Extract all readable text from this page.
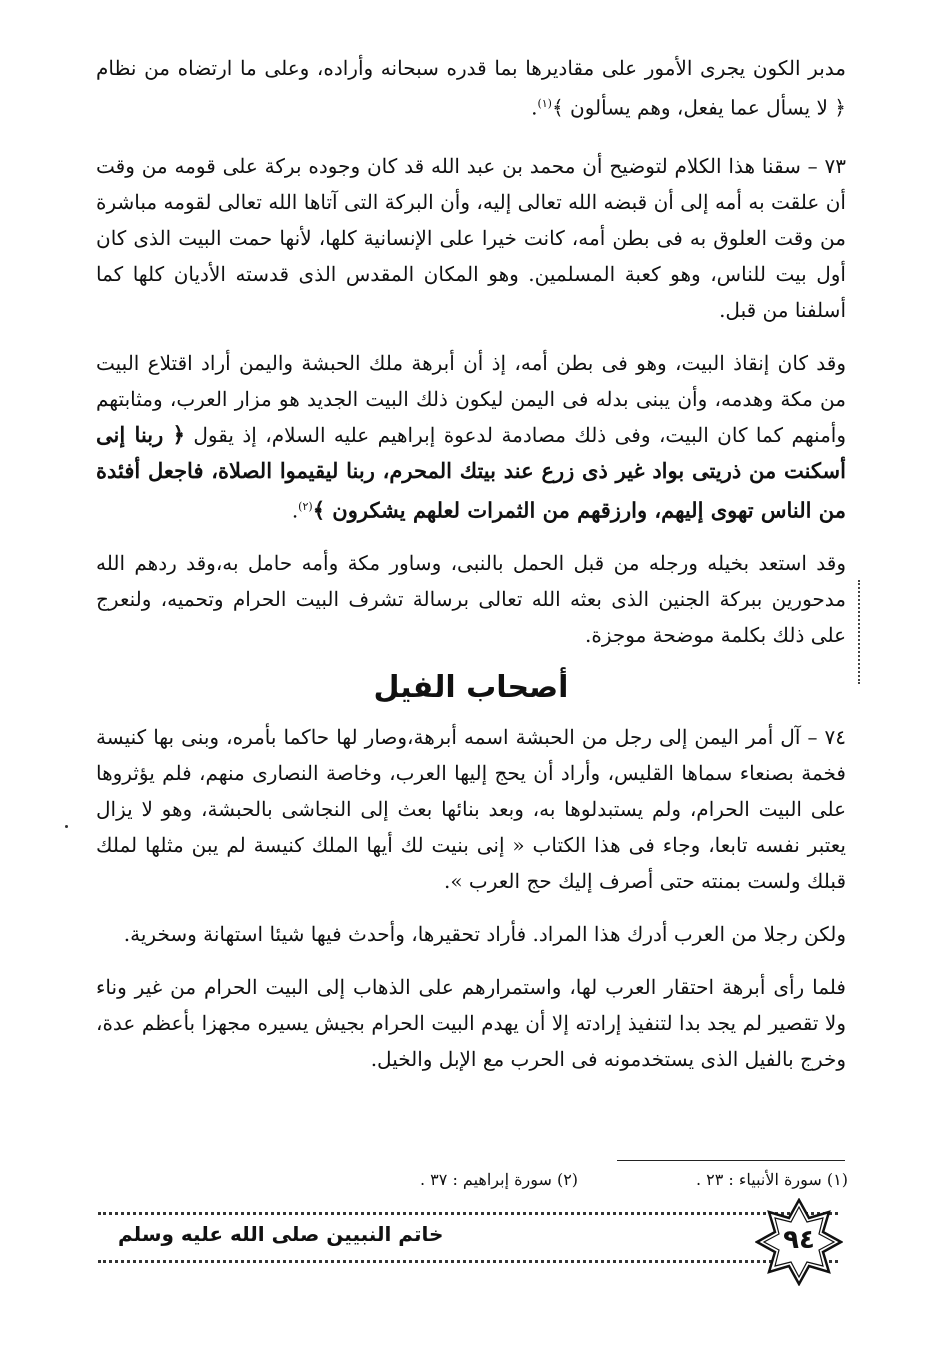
مدبر الكون يجرى الأمور على مقاديرها بما قدره سبحانه وأراده، وعلى ما ارتضاه من نظام ﴿ لا يسأل عما يفعل، وهم يسألون ﴾$^{(١)}$.

٧٣ – سقنا هذا الكلام لتوضيح أن محمد بن عبد الله قد كان وجوده بركة على قومه من وقت أن علقت به أمه إلى أن قبضه الله تعالى إليه، وأن البركة التى آتاها الله تعالى لقومه مباشرة من وقت العلوق به فى بطن أمه، كانت خيرا على الإنسانية كلها، لأنها حمت البيت الذى كان أول بيت للناس، وهو كعبة المسلمين. وهو المكان المقدس الذى قدسته الأديان كلها كما أسلفنا من قبل.

وقد كان إنقاذ البيت، وهو فى بطن أمه، إذ أن أبرهة ملك الحبشة واليمن أراد اقتلاع البيت من مكة وهدمه، وأن يبنى بدله فى اليمن ليكون ذلك البيت الجديد هو مزار العرب، ومثابتهم وأمنهم كما كان البيت، وفى ذلك مصادمة لدعوة إبراهيم عليه السلام، إذ يقول ﴿ ربنا إنى أسكنت من ذريتى بواد غير ذى زرع عند بيتك المحرم، ربنا ليقيموا الصلاة، فاجعل أفئدة من الناس تهوى إليهم، وارزقهم من الثمرات لعلهم يشكرون ﴾$^{(٢)}$.

وقد استعد بخيله ورجله من قبل الحمل بالنبى، وساور مكة وأمه حامل به،وقد ردهم الله مدحورين ببركة الجنين الذى بعثه الله تعالى برسالة تشرف البيت الحرام وتحميه، ولنعرج على ذلك بكلمة موضحة موجزة.

أصحاب الفيل

٧٤ – آل أمر اليمن إلى رجل من الحبشة اسمه أبرهة،وصار لها حاكما بأمره، وبنى بها كنيسة فخمة بصنعاء سماها القليس، وأراد أن يحج إليها العرب، وخاصة النصارى منهم، فلم يؤثروها على البيت الحرام، ولم يستبدلوها به، وبعد بنائها بعث إلى النجاشى بالحبشة، وهو لا يزال يعتبر نفسه تابعا، وجاء فى هذا الكتاب « إنى بنيت لك أيها الملك كنيسة لم يبن مثلها لملك قبلك ولست بمنته حتى أصرف إليك حج العرب ».

ولكن رجلا من العرب أدرك هذا المراد. فأراد تحقيرها، وأحدث فيها شيئا استهانة وسخرية.

فلما رأى أبرهة احتقار العرب لها، واستمرارهم على الذهاب إلى البيت الحرام من غير وناء ولا تقصير لم يجد بدا لتنفيذ إرادته إلا أن يهدم البيت الحرام بجيش يسيره مجهزا بأعظم عدة، وخرج بالفيل الذى يستخدمونه فى الحرب مع الإبل والخيل.

(١) سورة الأنبياء : ٢٣ .
(٢) سورة إبراهيم : ٣٧ .
خاتم النبيين صلى الله عليه وسلم	٩٤
